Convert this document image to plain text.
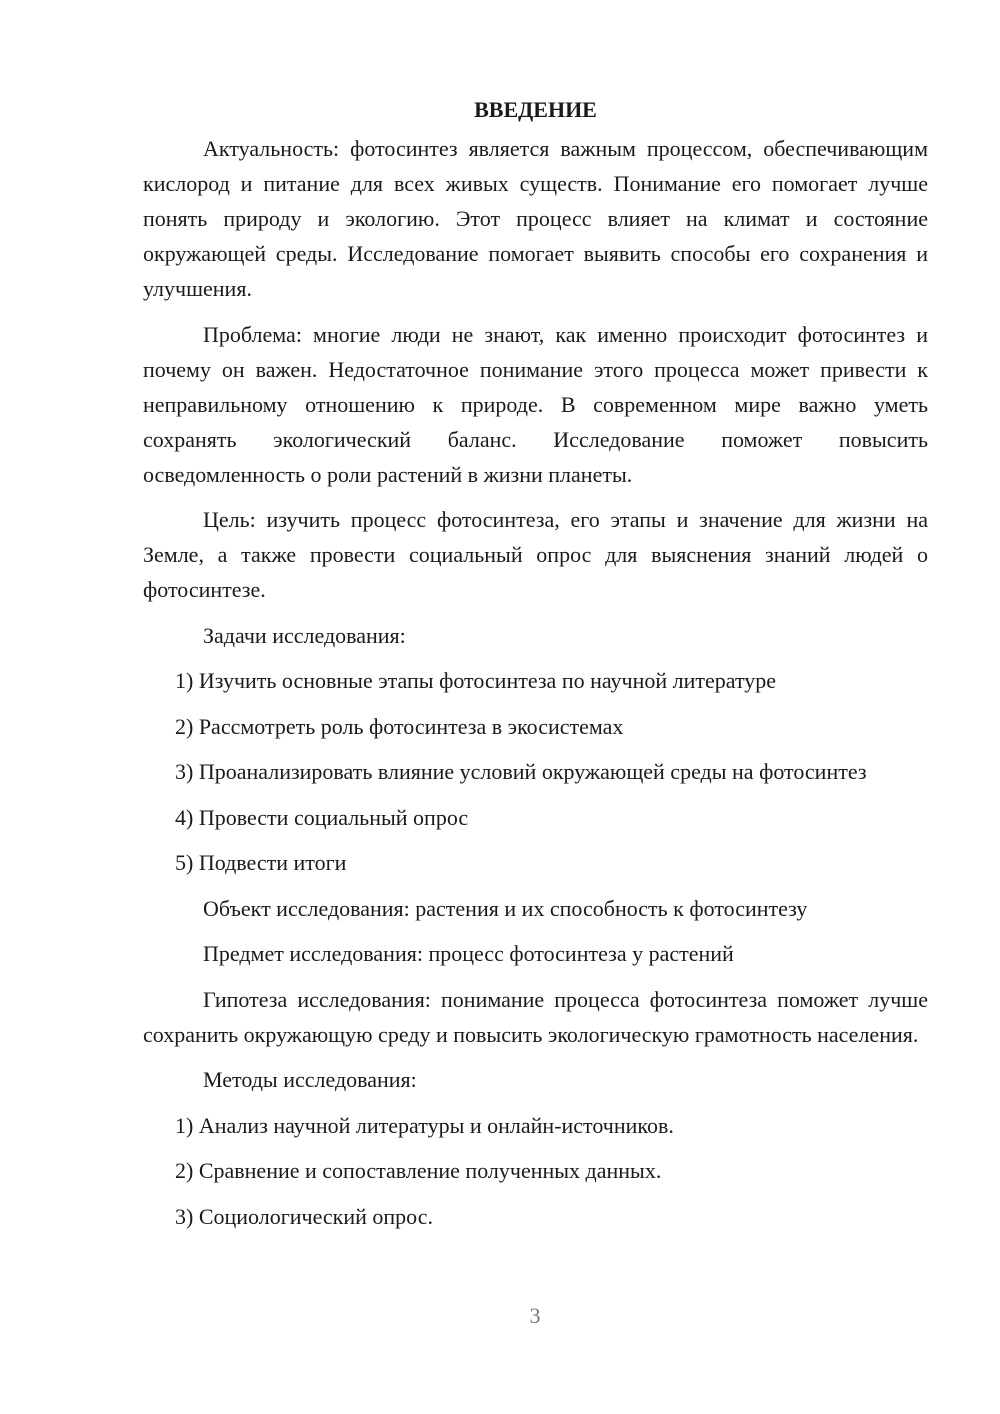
ВВЕДЕНИЕ

Актуальность: фотосинтез является важным процессом, обеспечивающим кислород и питание для всех живых существ. Понимание его помогает лучше понять природу и экологию. Этот процесс влияет на климат и состояние окружающей среды. Исследование помогает выявить способы его сохранения и улучшения.

Проблема: многие люди не знают, как именно происходит фотосинтез и почему он важен. Недостаточное понимание этого процесса может привести к неправильному отношению к природе. В современном мире важно уметь сохранять экологический баланс. Исследование поможет повысить осведомленность о роли растений в жизни планеты.

Цель: изучить процесс фотосинтеза, его этапы и значение для жизни на Земле, а также провести социальный опрос для выяснения знаний людей о фотосинтезе.

Задачи исследования:

1) Изучить основные этапы фотосинтеза по научной литературе

2) Рассмотреть роль фотосинтеза в экосистемах

3) Проанализировать влияние условий окружающей среды на фотосинтез

4) Провести социальный опрос

5) Подвести итоги

Объект исследования: растения и их способность к фотосинтезу

Предмет исследования: процесс фотосинтеза у растений

Гипотеза исследования: понимание процесса фотосинтеза поможет лучше сохранить окружающую среду и повысить экологическую грамотность населения.

Методы исследования:

1) Анализ научной литературы и онлайн-источников.

2) Сравнение и сопоставление полученных данных.

3) Социологический опрос.

3
